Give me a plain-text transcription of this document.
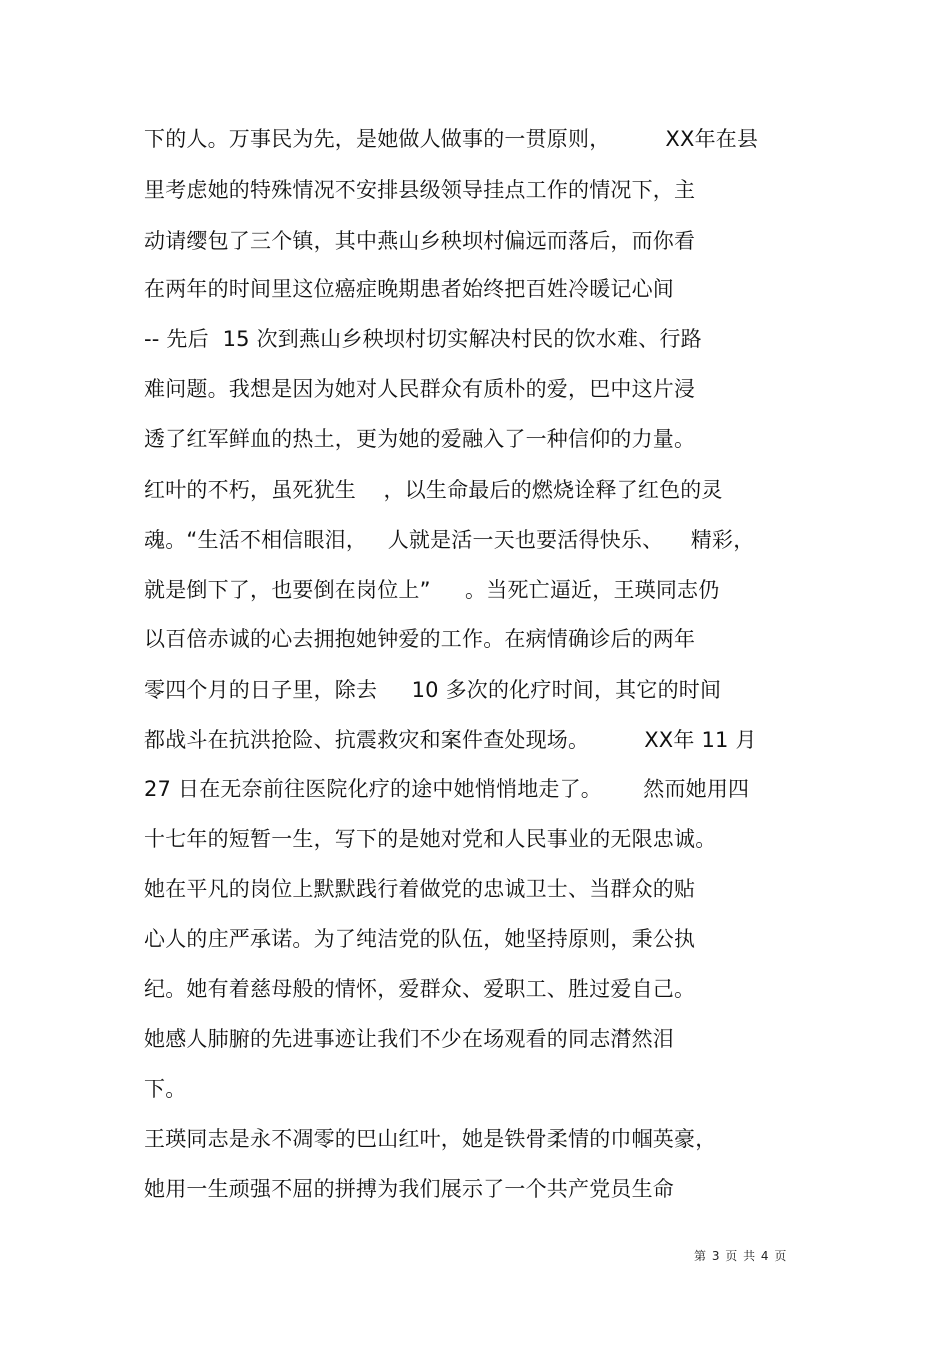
下的人。万事民为先，是她做人做事的一贯原则，        XX年在县
里考虑她的特殊情况不安排县级领导挂点工作的情况下，主
动请缨包了三个镇，其中燕山乡秧坝村偏远而落后，而你看
在两年的时间里这位癌症晚期患者始终把百姓冷暖记心间
-- 先后  15 次到燕山乡秧坝村切实解决村民的饮水难、行路
难问题。我想是因为她对人民群众有质朴的爱，巴中这片浸
透了红军鲜血的热土，更为她的爱融入了一种信仰的力量。
红叶的不朽，虽死犹生    ，以生命最后的燃烧诠释了红色的灵
魂。“生活不相信眼泪，   人就是活一天也要活得快乐、    精彩，
就是倒下了，也要倒在岗位上”     。当死亡逼近，王瑛同志仍
以百倍赤诚的心去拥抱她钟爱的工作。在病情确诊后的两年
零四个月的日子里，除去     10 多次的化疗时间，其它的时间
都战斗在抗洪抢险、抗震救灾和案件查处现场。        XX年 11 月
27 日在无奈前往医院化疗的途中她悄悄地走了。      然而她用四
十七年的短暂一生，写下的是她对党和人民事业的无限忠诚。
她在平凡的岗位上默默践行着做党的忠诚卫士、当群众的贴
心人的庄严承诺。为了纯洁党的队伍，她坚持原则，秉公执
纪。她有着慈母般的情怀，爱群众、爱职工、胜过爱自己。
她感人肺腑的先进事迹让我们不少在场观看的同志潸然泪
下。
王瑛同志是永不凋零的巴山红叶，她是铁骨柔情的巾帼英豪，
她用一生顽强不屈的拼搏为我们展示了一个共产党员生命
第 3 页 共 4 页
